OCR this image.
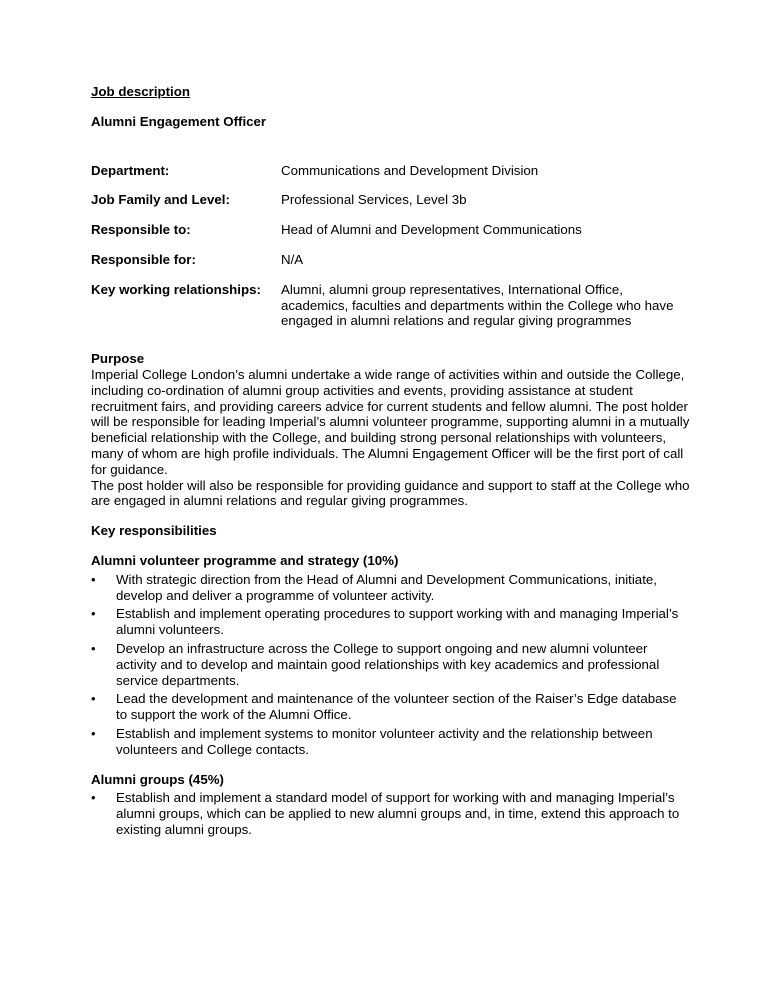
Job description

Alumni Engagement Officer

Department:	Communications and Development Division
Job Family and Level:	Professional Services, Level 3b
Responsible to:	Head of Alumni and Development Communications
Responsible for:	N/A
Key working relationships:	Alumni, alumni group representatives, International Office, academics, faculties and departments within the College who have engaged in alumni relations and regular giving programmes

Purpose

Imperial College London’s alumni undertake a wide range of activities within and outside the College, including co-ordination of alumni group activities and events, providing assistance at student recruitment fairs, and providing careers advice for current students and fellow alumni. The post holder will be responsible for leading Imperial’s alumni volunteer programme, supporting alumni in a mutually beneficial relationship with the College, and building strong personal relationships with volunteers, many of whom are high profile individuals. The Alumni Engagement Officer will be the first port of call for guidance.

The post holder will also be responsible for providing guidance and support to staff at the College who are engaged in alumni relations and regular giving programmes.

Key responsibilities

Alumni volunteer programme and strategy (10%)

•	With strategic direction from the Head of Alumni and Development Communications, initiate, develop and deliver a programme of volunteer activity.
•	Establish and implement operating procedures to support working with and managing Imperial’s alumni volunteers.
•	Develop an infrastructure across the College to support ongoing and new alumni volunteer activity and to develop and maintain good relationships with key academics and professional service departments.
•	Lead the development and maintenance of the volunteer section of the Raiser’s Edge database to support the work of the Alumni Office.
•	Establish and implement systems to monitor volunteer activity and the relationship between volunteers and College contacts.

Alumni groups (45%)

•	Establish and implement a standard model of support for working with and managing Imperial’s alumni groups, which can be applied to new alumni groups and, in time, extend this approach to existing alumni groups.
